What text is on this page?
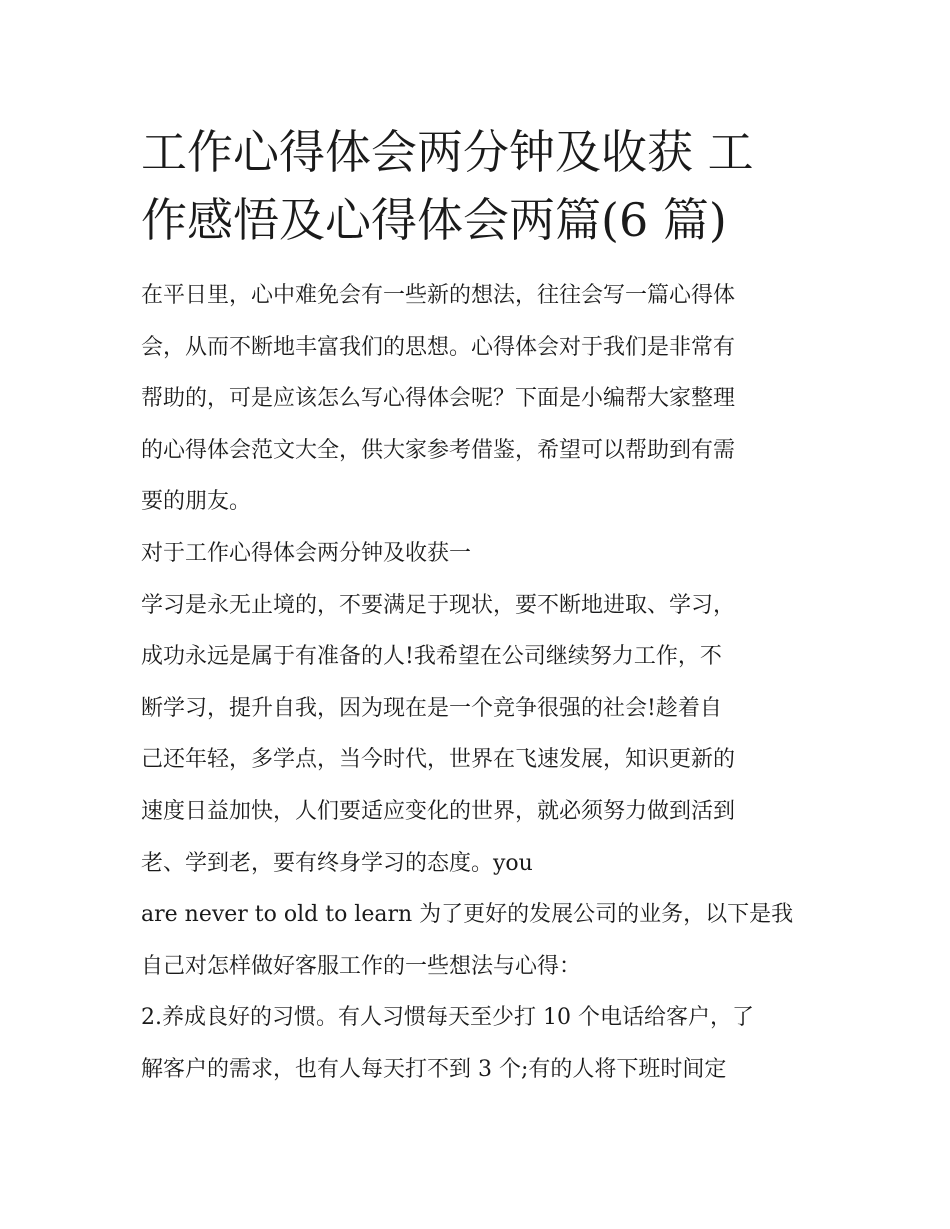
工作心得体会两分钟及收获 工
作感悟及心得体会两篇(6 篇)
在平日里，心中难免会有一些新的想法，往往会写一篇心得体
会，从而不断地丰富我们的思想。心得体会对于我们是非常有
帮助的，可是应该怎么写心得体会呢？下面是小编帮大家整理
的心得体会范文大全，供大家参考借鉴，希望可以帮助到有需
要的朋友。
对于工作心得体会两分钟及收获一
学习是永无止境的，不要满足于现状，要不断地进取、学习，
成功永远是属于有准备的人!我希望在公司继续努力工作，不
断学习，提升自我，因为现在是一个竞争很强的社会!趁着自
己还年轻，多学点，当今时代，世界在飞速发展，知识更新的
速度日益加快，人们要适应变化的世界，就必须努力做到活到
老、学到老，要有终身学习的态度。you
are never to old to learn 为了更好的发展公司的业务，以下是我
自己对怎样做好客服工作的一些想法与心得：
2.养成良好的习惯。有人习惯每天至少打 10 个电话给客户，了
解客户的需求，也有人每天打不到 3 个;有的人将下班时间定
